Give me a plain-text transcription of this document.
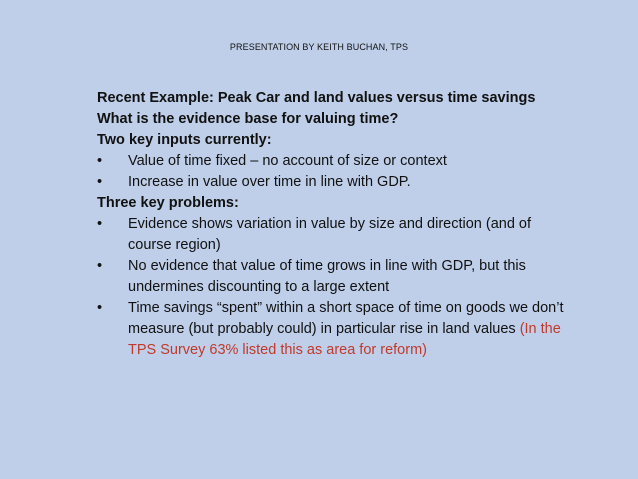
PRESENTATION BY KEITH BUCHAN, TPS

Recent Example: Peak Car and land values versus time savings

What is the evidence base for valuing time?

Two key inputs currently:

•	Value of time fixed – no account of size or context
•	Increase in value over time in line with GDP.

Three key problems:

•	Evidence shows variation in value by size and direction (and of course region)
•	No evidence that value of time grows in line with GDP, but this undermines discounting to a large extent
•	Time savings “spent” within a short space of time on goods we don’t measure (but probably could) in particular rise in land values (In the TPS Survey 63% listed this as area for reform)
